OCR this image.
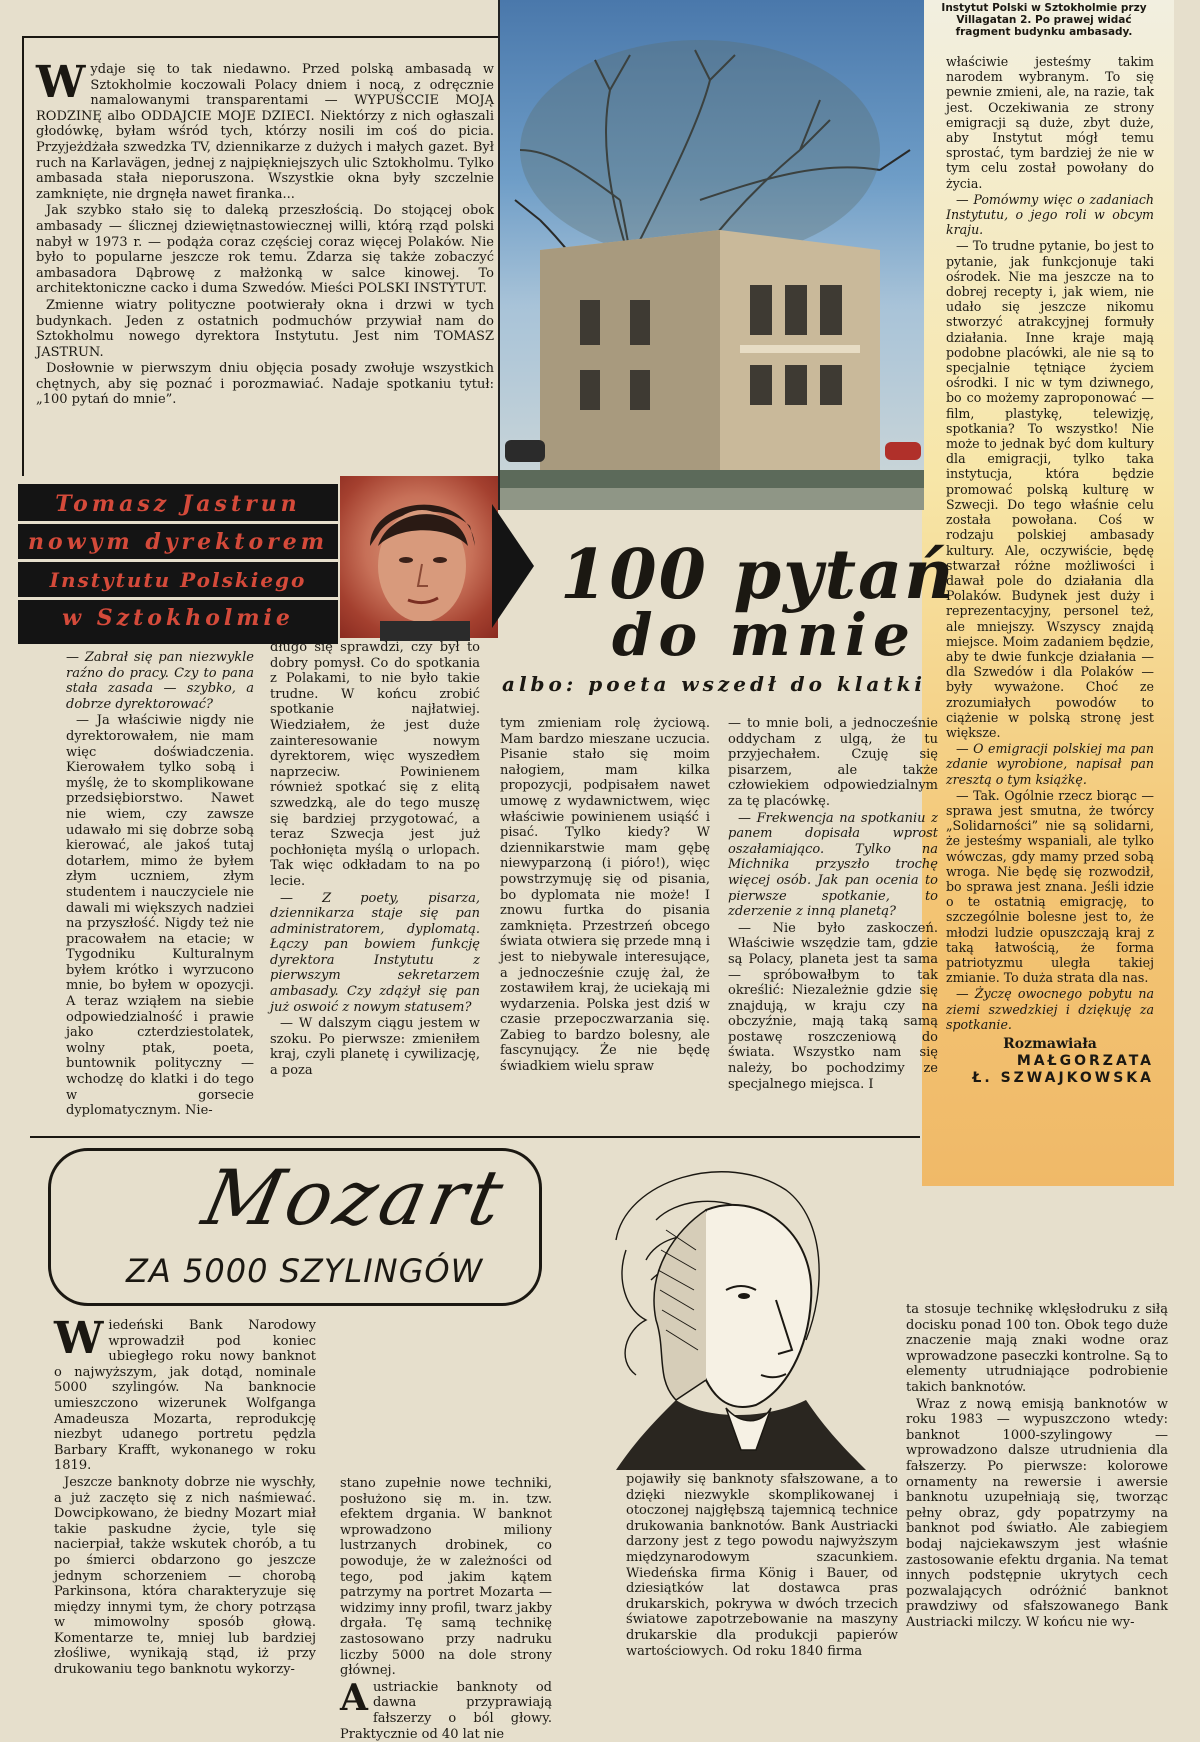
Instytut Polski w Sztokholmie przy Villagatan 2. Po prawej widać fragment budynku ambasady.
W ydaje się to tak niedawno. Przed polską ambasadą w Sztokholmie koczowali Polacy dniem i nocą, z odręcznie namalowanymi transparentami — WYPUŚCCIE MOJĄ RODZINĘ albo ODDAJCIE MOJE DZIECI. Niektórzy z nich ogłaszali głodówkę, byłam wśród tych, którzy nosili im coś do picia. Przyjeżdżała szwedzka TV, dziennikarze z dużych i małych gazet. Był ruch na Karlavägen, jednej z najpiękniejszych ulic Sztokholmu. Tylko ambasada stała nieporuszona. Wszystkie okna były szczelnie zamknięte, nie drgnęła nawet firanka...

Jak szybko stało się to daleką przeszłością. Do stojącej obok ambasady — ślicznej dziewiętnastowiecznej willi, którą rząd polski nabył w 1973 r. — podąża coraz częściej coraz więcej Polaków. Nie było to popularne jeszcze rok temu. Zdarza się także zobaczyć ambasadora Dąbrowę z małżonką w salce kinowej. To architektoniczne cacko i duma Szwedów. Mieści POLSKI INSTYTUT.

Zmienne wiatry polityczne pootwierały okna i drzwi w tych budynkach. Jeden z ostatnich podmuchów przywiał nam do Sztokholmu nowego dyrektora Instytutu. Jest nim TOMASZ JASTRUN.

Dosłownie w pierwszym dniu objęcia posady zwołuje wszystkich chętnych, aby się poznać i porozmawiać. Nadaje spotkaniu tytuł: „100 pytań do mnie”.

Tomasz Jastrun
nowym dyrektorem
Instytutu Polskiego
w Sztokholmie
100 pytań
do mnie
albo: poeta wszedł do klatki

— Zabrał się pan niezwykle raźno do pracy. Czy to pana stała zasada — szybko, a dobrze dyrektorować?

— Ja właściwie nigdy nie dyrektorowałem, nie mam więc doświadczenia. Kierowałem tylko sobą i myślę, że to skomplikowane przedsiębiorstwo. Nawet nie wiem, czy zawsze udawało mi się dobrze sobą kierować, ale jakoś tutaj dotarłem, mimo że byłem złym uczniem, złym studentem i nauczyciele nie dawali mi większych nadziei na przyszłość. Nigdy też nie pracowałem na etacie; w Tygodniku Kulturalnym byłem krótko i wyrzucono mnie, bo byłem w opozycji. A teraz wziąłem na siebie odpowiedzialność i prawie jako czterdziestolatek, wolny ptak, poeta, buntownik polityczny — wchodzę do klatki i do tego w gorsecie dyplomatycznym. Nie-

długo się sprawdzi, czy był to dobry pomysł. Co do spotkania z Polakami, to nie było takie trudne. W końcu zrobić spotkanie najłatwiej. Wiedziałem, że jest duże zainteresowanie nowym dyrektorem, więc wyszedłem naprzeciw. Powinienem również spotkać się z elitą szwedzką, ale do tego muszę się bardziej przygotować, a teraz Szwecja jest już pochłonięta myślą o urlopach. Tak więc odkładam to na po lecie.

— Z poety, pisarza, dziennikarza staje się pan administratorem, dyplomatą. Łączy pan bowiem funkcję dyrektora Instytutu z pierwszym sekretarzem ambasady. Czy zdążył się pan już oswoić z nowym statusem?

— W dalszym ciągu jestem w szoku. Po pierwsze: zmieniłem kraj, czyli planetę i cywilizację, a poza

tym zmieniam rolę życiową. Mam bardzo mieszane uczucia. Pisanie stało się moim nałogiem, mam kilka propozycji, podpisałem nawet umowę z wydawnictwem, więc właściwie powinienem usiąść i pisać. Tylko kiedy? W dziennikarstwie mam gębę niewyparzoną (i pióro!), więc powstrzymuję się od pisania, bo dyplomata nie może! I znowu furtka do pisania zamknięta. Przestrzeń obcego świata otwiera się przede mną i jest to niebywale interesujące, a jednocześnie czuję żal, że zostawiłem kraj, że uciekają mi wydarzenia. Polska jest dziś w czasie przepoczwarzania się. Zabieg to bardzo bolesny, ale fascynujący. Że nie będę świadkiem wielu spraw

— to mnie boli, a jednocześnie oddycham z ulgą, że tu przyjechałem. Czuję się pisarzem, ale także człowiekiem odpowiedzialnym za tę placówkę.

— Frekwencja na spotkaniu z panem dopisała wprost oszałamiająco. Tylko na Michnika przyszło trochę więcej osób. Jak pan ocenia to pierwsze spotkanie, to zderzenie z inną planetą?

— Nie było zaskoczeń. Właściwie wszędzie tam, gdzie są Polacy, planeta jest ta sama — spróbowałbym to tak określić: Niezależnie gdzie się znajdują, w kraju czy na obczyźnie, mają taką samą postawę roszczeniową do świata. Wszystko nam się należy, bo pochodzimy ze specjalnego miejsca. I

właściwie jesteśmy takim narodem wybranym. To się pewnie zmieni, ale, na razie, tak jest. Oczekiwania ze strony emigracji są duże, zbyt duże, aby Instytut mógł temu sprostać, tym bardziej że nie w tym celu został powołany do życia.

— Pomówmy więc o zadaniach Instytutu, o jego roli w obcym kraju.

— To trudne pytanie, bo jest to pytanie, jak funkcjonuje taki ośrodek. Nie ma jeszcze na to dobrej recepty i, jak wiem, nie udało się jeszcze nikomu stworzyć atrakcyjnej formuły działania. Inne kraje mają podobne placówki, ale nie są to specjalnie tętniące życiem ośrodki. I nic w tym dziwnego, bo co możemy zaproponować — film, plastykę, telewizję, spotkania? To wszystko! Nie może to jednak być dom kultury dla emigracji, tylko taka instytucja, która będzie promować polską kulturę w Szwecji. Do tego właśnie celu została powołana. Coś w rodzaju polskiej ambasady kultury. Ale, oczywiście, będę stwarzał różne możliwości i dawał pole do działania dla Polaków. Budynek jest duży i reprezentacyjny, personel też, ale mniejszy. Wszyscy znajdą miejsce. Moim zadaniem będzie, aby te dwie funkcje działania — dla Szwedów i dla Polaków — były wyważone. Choć ze zrozumiałych powodów to ciążenie w polską stronę jest większe.

— O emigracji polskiej ma pan zdanie wyrobione, napisał pan zresztą o tym książkę.

— Tak. Ogólnie rzecz biorąc — sprawa jest smutna, że twórcy „Solidarności” nie są solidarni, że jesteśmy wspaniali, ale tylko wówczas, gdy mamy przed sobą wroga. Nie będę się rozwodził, bo sprawa jest znana. Jeśli idzie o te ostatnią emigrację, to szczególnie bolesne jest to, że młodzi ludzie opuszczają kraj z taką łatwością, że forma patriotyzmu uległa takiej zmianie. To duża strata dla nas.

— Życzę owocnego pobytu na ziemi szwedzkiej i dziękuję za spotkanie.

Rozmawiała
MAŁGORZATA
Ł. SZWAJKOWSKA
Mozart
ZA 5000 SZYLINGÓW
W iedeński Bank Narodowy wprowadził pod koniec ubiegłego roku nowy banknot o najwyższym, jak dotąd, nominale 5000 szylingów. Na banknocie umieszczono wizerunek Wolfganga Amadeusza Mozarta, reprodukcję niezbyt udanego portretu pędzla Barbary Krafft, wykonanego w roku 1819.

Jeszcze banknoty dobrze nie wyschły, a już zaczęto się z nich naśmiewać. Dowcipkowano, że biedny Mozart miał takie paskudne życie, tyle się nacierpiał, także wskutek chorób, a tu po śmierci obdarzono go jeszcze jednym schorzeniem — chorobą Parkinsona, która charakteryzuje się między innymi tym, że chory potrząsa w mimowolny sposób głową. Komentarze te, mniej lub bardziej złośliwe, wynikają stąd, iż przy drukowaniu tego banknotu wykorzy-

stano zupełnie nowe techniki, posłużono się m. in. tzw. efektem drgania. W banknot wprowadzono miliony lustrzanych drobinek, co powoduje, że w zależności od tego, pod jakim kątem patrzymy na portret Mozarta — widzimy inny profil, twarz jakby drgała. Tę samą technikę zastosowano przy nadruku liczby 5000 na dole strony głównej.

A ustriackie banknoty od dawna przyprawiają fałszerzy o ból głowy. Praktycznie od 40 lat nie

pojawiły się banknoty sfałszowane, a to dzięki niezwykle skomplikowanej i otoczonej najgłębszą tajemnicą technice drukowania banknotów. Bank Austriacki darzony jest z tego powodu najwyższym międzynarodowym szacunkiem. Wiedeńska firma König i Bauer, od dziesiątków lat dostawca pras drukarskich, pokrywa w dwóch trzecich światowe zapotrzebowanie na maszyny drukarskie dla produkcji papierów wartościowych. Od roku 1840 firma

ta stosuje technikę wklęsłodruku z siłą docisku ponad 100 ton. Obok tego duże znaczenie mają znaki wodne oraz wprowadzone paseczki kontrolne. Są to elementy utrudniające podrobienie takich banknotów.

Wraz z nową emisją banknotów w roku 1983 — wypuszczono wtedy: banknot 1000-szylingowy — wprowadzono dalsze utrudnienia dla fałszerzy. Po pierwsze: kolorowe ornamenty na rewersie i awersie banknotu uzupełniają się, tworząc pełny obraz, gdy popatrzymy na banknot pod światło. Ale zabiegiem bodaj najciekawszym jest właśnie zastosowanie efektu drgania. Na temat innych podstępnie ukrytych cech pozwalających odróżnić banknot prawdziwy od sfałszowanego Bank Austriacki milczy. W końcu nie wy-
